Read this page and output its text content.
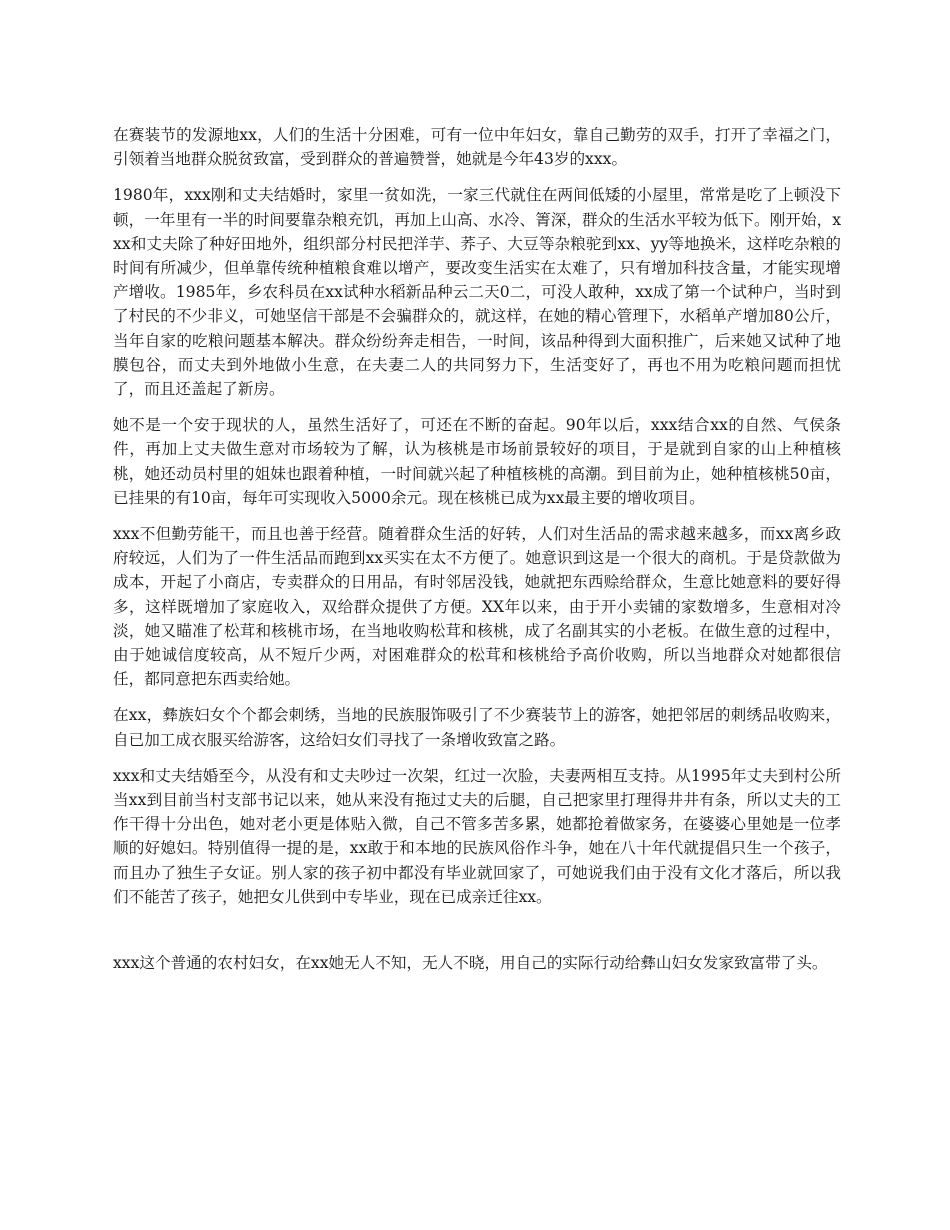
在赛装节的发源地xx，人们的生活十分困难，可有一位中年妇女，靠自己勤劳的双手，打开了幸福之门，引领着当地群众脱贫致富，受到群众的普遍赞誉，她就是今年43岁的xxx。

1980年，xxx刚和丈夫结婚时，家里一贫如洗，一家三代就住在两间低矮的小屋里，常常是吃了上顿没下顿，一年里有一半的时间要靠杂粮充饥，再加上山高、水冷、箐深，群众的生活水平较为低下。刚开始，xxx和丈夫除了种好田地外，组织部分村民把洋芋、荞子、大豆等杂粮驼到xx、yy等地换米，这样吃杂粮的时间有所减少，但单靠传统种植粮食难以增产，要改变生活实在太难了，只有增加科技含量，才能实现增产增收。1985年，乡农科员在xx试种水稻新品种云二天0二，可没人敢种，xx成了第一个试种户，当时到了村民的不少非义，可她坚信干部是不会骗群众的，就这样，在她的精心管理下，水稻单产增加80公斤，当年自家的吃粮问题基本解决。群众纷纷奔走相告，一时间，该品种得到大面积推广，后来她又试种了地膜包谷，而丈夫到外地做小生意，在夫妻二人的共同努力下，生活变好了，再也不用为吃粮问题而担忧了，而且还盖起了新房。

她不是一个安于现状的人，虽然生活好了，可还在不断的奋起。90年以后，xxx结合xx的自然、气侯条件，再加上丈夫做生意对市场较为了解，认为核桃是市场前景较好的项目，于是就到自家的山上种植核桃，她还动员村里的姐妹也跟着种植，一时间就兴起了种植核桃的高潮。到目前为止，她种植核桃50亩，已挂果的有10亩，每年可实现收入5000余元。现在核桃已成为xx最主要的增收项目。

xxx不但勤劳能干，而且也善于经营。随着群众生活的好转，人们对生活品的需求越来越多，而xx离乡政府较远，人们为了一件生活品而跑到xx买实在太不方便了。她意识到这是一个很大的商机。于是贷款做为成本，开起了小商店，专卖群众的日用品，有时邻居没钱，她就把东西赊给群众，生意比她意料的要好得多，这样既增加了家庭收入，双给群众提供了方便。XX年以来，由于开小卖铺的家数增多，生意相对冷淡，她又瞄准了松茸和核桃市场，在当地收购松茸和核桃，成了名副其实的小老板。在做生意的过程中，由于她诚信度较高，从不短斤少两，对困难群众的松茸和核桃给予高价收购，所以当地群众对她都很信任，都同意把东西卖给她。

在xx，彝族妇女个个都会刺绣，当地的民族服饰吸引了不少赛装节上的游客，她把邻居的刺绣品收购来，自已加工成衣服买给游客，这给妇女们寻找了一条增收致富之路。

xxx和丈夫结婚至今，从没有和丈夫吵过一次架，红过一次脸，夫妻两相互支持。从1995年丈夫到村公所当xx到目前当村支部书记以来，她从来没有拖过丈夫的后腿，自己把家里打理得井井有条，所以丈夫的工作干得十分出色，她对老小更是体贴入微，自己不管多苦多累，她都抢着做家务，在婆婆心里她是一位孝顺的好媳妇。特别值得一提的是，xx敢于和本地的民族风俗作斗争，她在八十年代就提倡只生一个孩子，而且办了独生子女证。别人家的孩子初中都没有毕业就回家了，可她说我们由于没有文化才落后，所以我们不能苦了孩子，她把女儿供到中专毕业，现在已成亲迁往xx。

xxx这个普通的农村妇女，在xx她无人不知，无人不晓，用自己的实际行动给彝山妇女发家致富带了头。
